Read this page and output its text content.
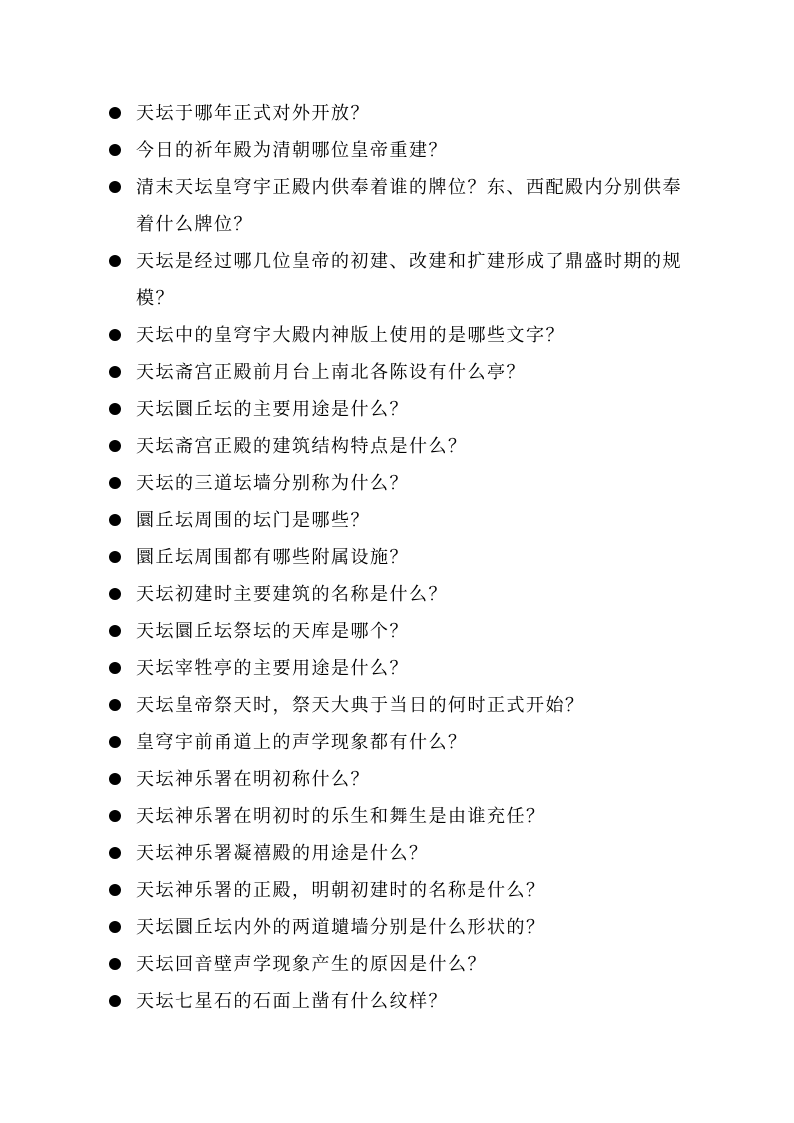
天坛于哪年正式对外开放？
今日的祈年殿为清朝哪位皇帝重建？
清末天坛皇穹宇正殿内供奉着谁的牌位？东、西配殿内分别供奉着什么牌位？
天坛是经过哪几位皇帝的初建、改建和扩建形成了鼎盛时期的规模？
天坛中的皇穹宇大殿内神版上使用的是哪些文字？
天坛斋宫正殿前月台上南北各陈设有什么亭？
天坛圜丘坛的主要用途是什么？
天坛斋宫正殿的建筑结构特点是什么？
天坛的三道坛墙分别称为什么？
圜丘坛周围的坛门是哪些？
圜丘坛周围都有哪些附属设施？
天坛初建时主要建筑的名称是什么？
天坛圜丘坛祭坛的天库是哪个？
天坛宰牲亭的主要用途是什么？
天坛皇帝祭天时，祭天大典于当日的何时正式开始？
皇穹宇前甬道上的声学现象都有什么？
天坛神乐署在明初称什么？
天坛神乐署在明初时的乐生和舞生是由谁充任？
天坛神乐署凝禧殿的用途是什么？
天坛神乐署的正殿，明朝初建时的名称是什么？
天坛圜丘坛内外的两道壝墙分别是什么形状的？
天坛回音壁声学现象产生的原因是什么？
天坛七星石的石面上凿有什么纹样？
